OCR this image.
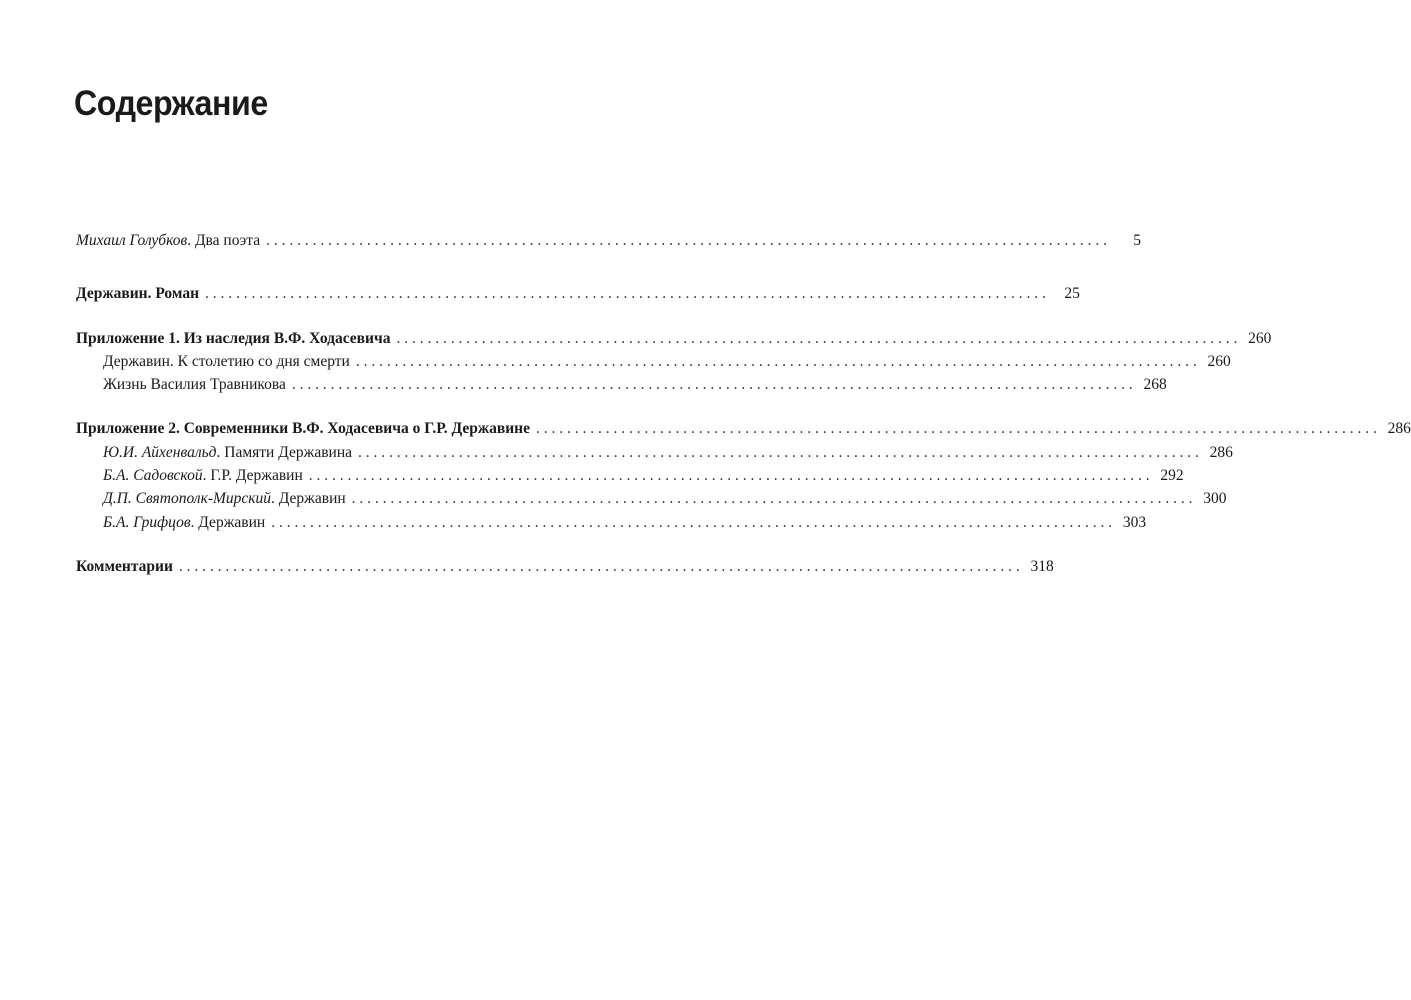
Содержание
Михаил Голубков. Два поэта . . .	5
Державин. Роман . . .	25
Приложение 1. Из наследия В.Ф. Ходасевича . . .	260
Державин. К столетию со дня смерти . . .	260
Жизнь Василия Травникова . . .	268
Приложение 2. Современники В.Ф. Ходасевича о Г.Р. Державине . . .	286
Ю.И. Айхенвальд. Памяти Державина . . .	286
Б.А. Садовской. Г.Р. Державин . . .	292
Д.П. Святополк-Мирский. Державин . . .	300
Б.А. Грифцов. Державин . . .	303
Комментарии . . .	318
